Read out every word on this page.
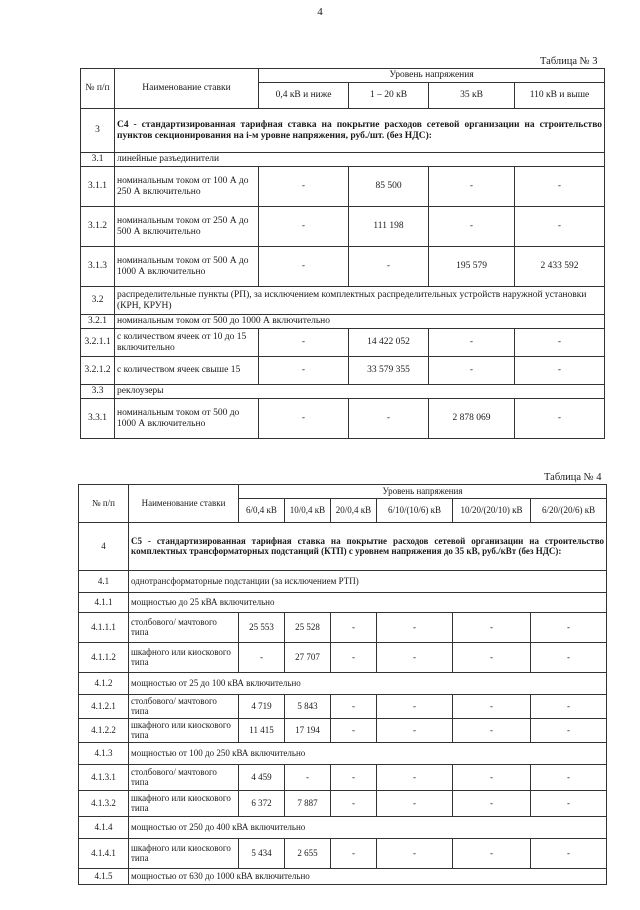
4
Таблица № 3
№ п/п	Наименование ставки	Уровень напряжения			
		0,4 кВ и ниже	1 – 20 кВ	35 кВ	110 кВ и выше
3	С4 - стандартизированная тарифная ставка на покрытие расходов сетевой организации на строительство пунктов секционирования на i-м уровне напряжения, руб./шт. (без НДС):				
3.1	линейные разъединители				
3.1.1	номинальным током от 100 А до 250 А включительно	-	85 500	-	-
3.1.2	номинальным током от 250 А до 500 А включительно	-	111 198	-	-
3.1.3	номинальным током от 500 А до 1000 А включительно	-	-	195 579	2 433 592
3.2	распределительные пункты (РП), за исключением комплектных распределительных устройств наружной установки (КРН, КРУН)				
3.2.1	номинальным током от 500 до 1000 А включительно				
3.2.1.1	с количеством ячеек от 10 до 15 включительно	-	14 422 052	-	-
3.2.1.2	с количеством ячеек свыше 15	-	33 579 355	-	-
3.3	реклоузеры				
3.3.1	номинальным током от 500 до 1000 А включительно	-	-	2 878 069	-
Таблица № 4
№ п/п	Наименование ставки	Уровень напряжения					
		6/0,4 кВ	10/0,4 кВ	20/0,4 кВ	6/10/(10/6) кВ	10/20/(20/10) кВ	6/20/(20/6) кВ
4	С5 - стандартизированная тарифная ставка на покрытие расходов сетевой организации на строительство комплектных трансформаторных подстанций (КТП) с уровнем напряжения до 35 кВ, руб./кВт (без НДС):						
4.1	однотрансформаторные подстанции (за исключением РТП)						
4.1.1	мощностью до 25 кВА включительно						
4.1.1.1	столбового/ мачтового типа	25 553	25 528	-	-	-	-
4.1.1.2	шкафного или киоскового типа	-	27 707	-	-	-	-
4.1.2	мощностью от 25 до 100 кВА включительно						
4.1.2.1	столбового/ мачтового типа	4 719	5 843	-	-	-	-
4.1.2.2	шкафного или киоскового типа	11 415	17 194	-	-	-	-
4.1.3	мощностью от 100 до 250 кВА включительно						
4.1.3.1	столбового/ мачтового типа	4 459	-	-	-	-	-
4.1.3.2	шкафного или киоскового типа	6 372	7 887	-	-	-	-
4.1.4	мощностью от 250 до 400 кВА включительно						
4.1.4.1	шкафного или киоскового типа	5 434	2 655	-	-	-	-
4.1.5	мощностью от 630 до 1000 кВА включительно						
